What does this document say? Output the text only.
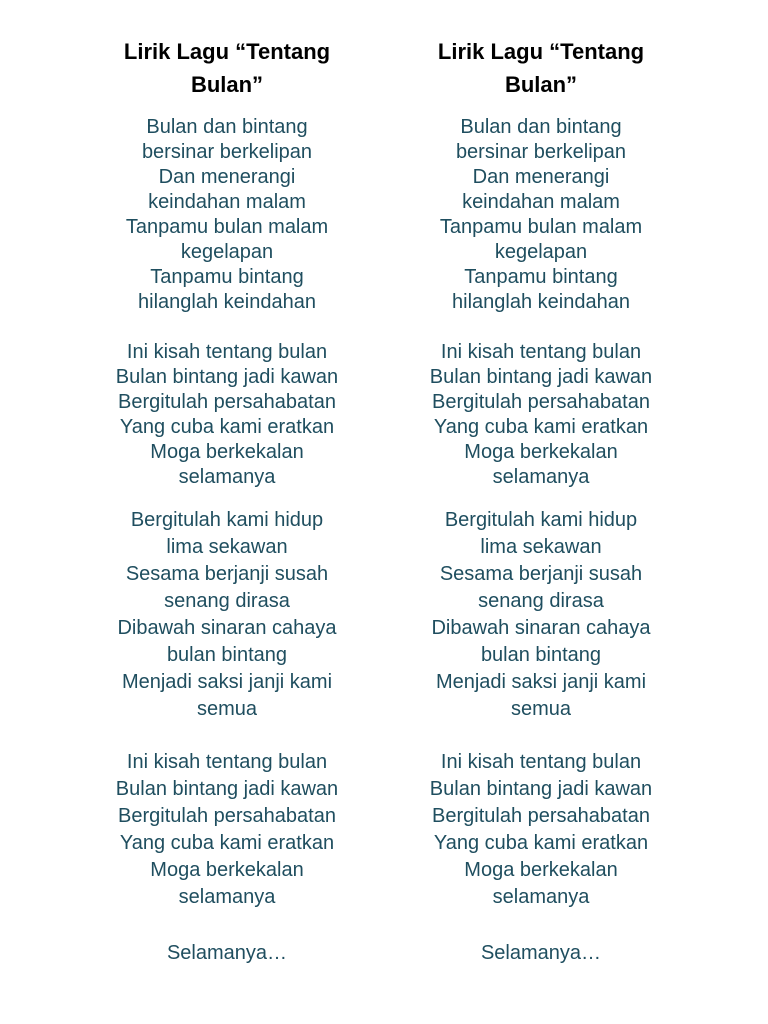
Lirik Lagu “Tentang
Bulan”

Bulan dan bintang
bersinar berkelipan
Dan menerangi
keindahan malam
Tanpamu bulan malam
kegelapan
Tanpamu bintang
hilanglah keindahan

Ini kisah tentang bulan
Bulan bintang jadi kawan
Bergitulah persahabatan
Yang cuba kami eratkan
Moga berkekalan
selamanya

Bergitulah kami hidup
lima sekawan
Sesama berjanji susah
senang dirasa
Dibawah sinaran cahaya
bulan bintang
Menjadi saksi janji kami
semua

Ini kisah tentang bulan
Bulan bintang jadi kawan
Bergitulah persahabatan
Yang cuba kami eratkan
Moga berkekalan
selamanya

Selamanya…

Lirik Lagu “Tentang
Bulan”

Bulan dan bintang
bersinar berkelipan
Dan menerangi
keindahan malam
Tanpamu bulan malam
kegelapan
Tanpamu bintang
hilanglah keindahan

Ini kisah tentang bulan
Bulan bintang jadi kawan
Bergitulah persahabatan
Yang cuba kami eratkan
Moga berkekalan
selamanya

Bergitulah kami hidup
lima sekawan
Sesama berjanji susah
senang dirasa
Dibawah sinaran cahaya
bulan bintang
Menjadi saksi janji kami
semua

Ini kisah tentang bulan
Bulan bintang jadi kawan
Bergitulah persahabatan
Yang cuba kami eratkan
Moga berkekalan
selamanya

Selamanya…
